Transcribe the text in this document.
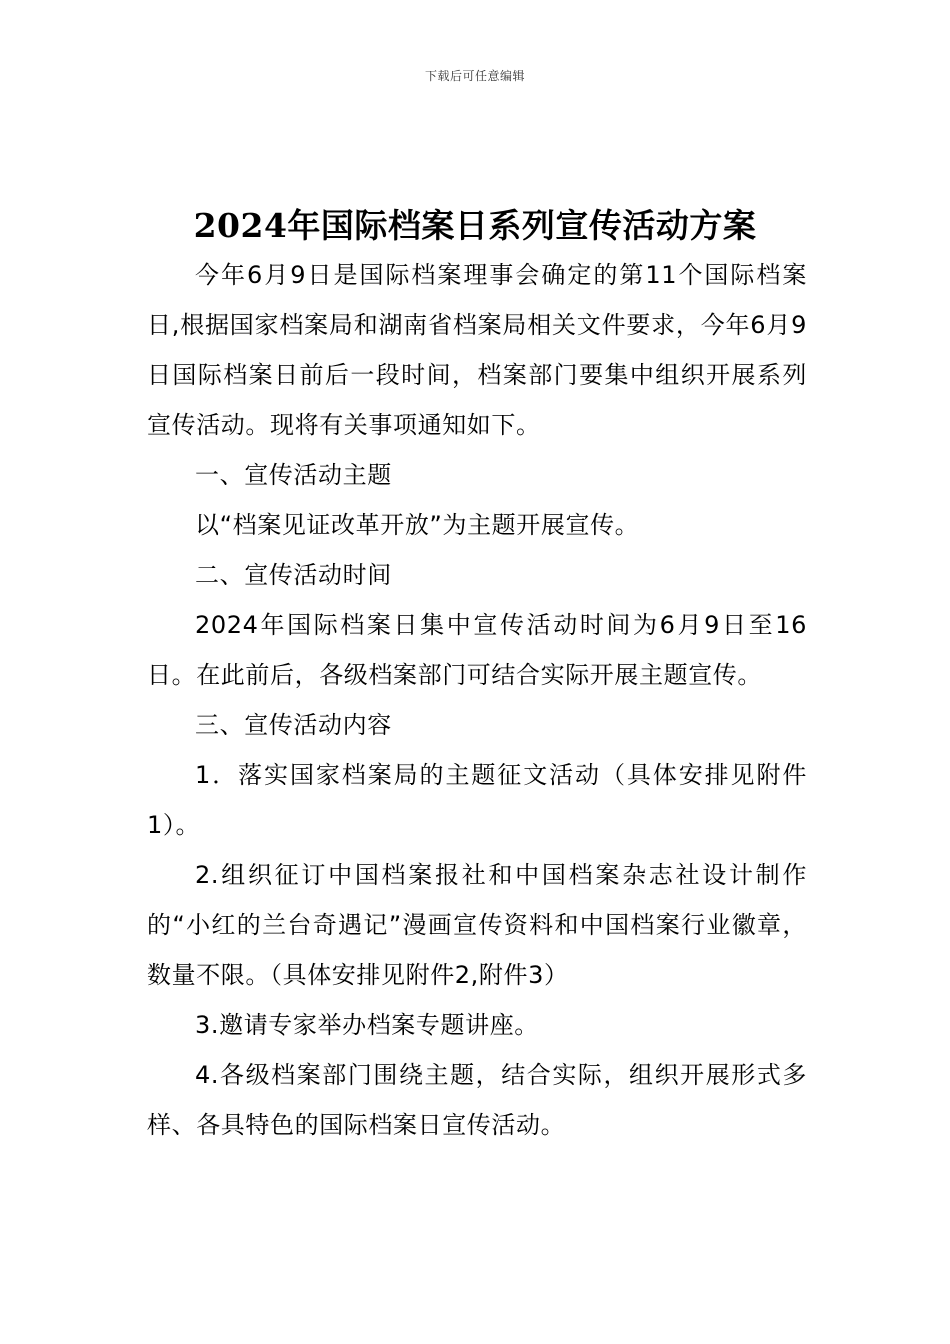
下载后可任意编辑
2024年国际档案日系列宣传活动方案

今年6月9日是国际档案理事会确定的第11个国际档案日,根据国家档案局和湖南省档案局相关文件要求，今年6月9日国际档案日前后一段时间，档案部门要集中组织开展系列宣传活动。现将有关事项通知如下。

一、宣传活动主题

以“档案见证改革开放”为主题开展宣传。

二、宣传活动时间

2024年国际档案日集中宣传活动时间为6月9日至16日。在此前后，各级档案部门可结合实际开展主题宣传。

三、宣传活动内容

1．落实国家档案局的主题征文活动（具体安排见附件1）。

2.组织征订中国档案报社和中国档案杂志社设计制作的“小红的兰台奇遇记”漫画宣传资料和中国档案行业徽章，数量不限。（具体安排见附件2,附件3）

3.邀请专家举办档案专题讲座。

4.各级档案部门围绕主题，结合实际，组织开展形式多样、各具特色的国际档案日宣传活动。
